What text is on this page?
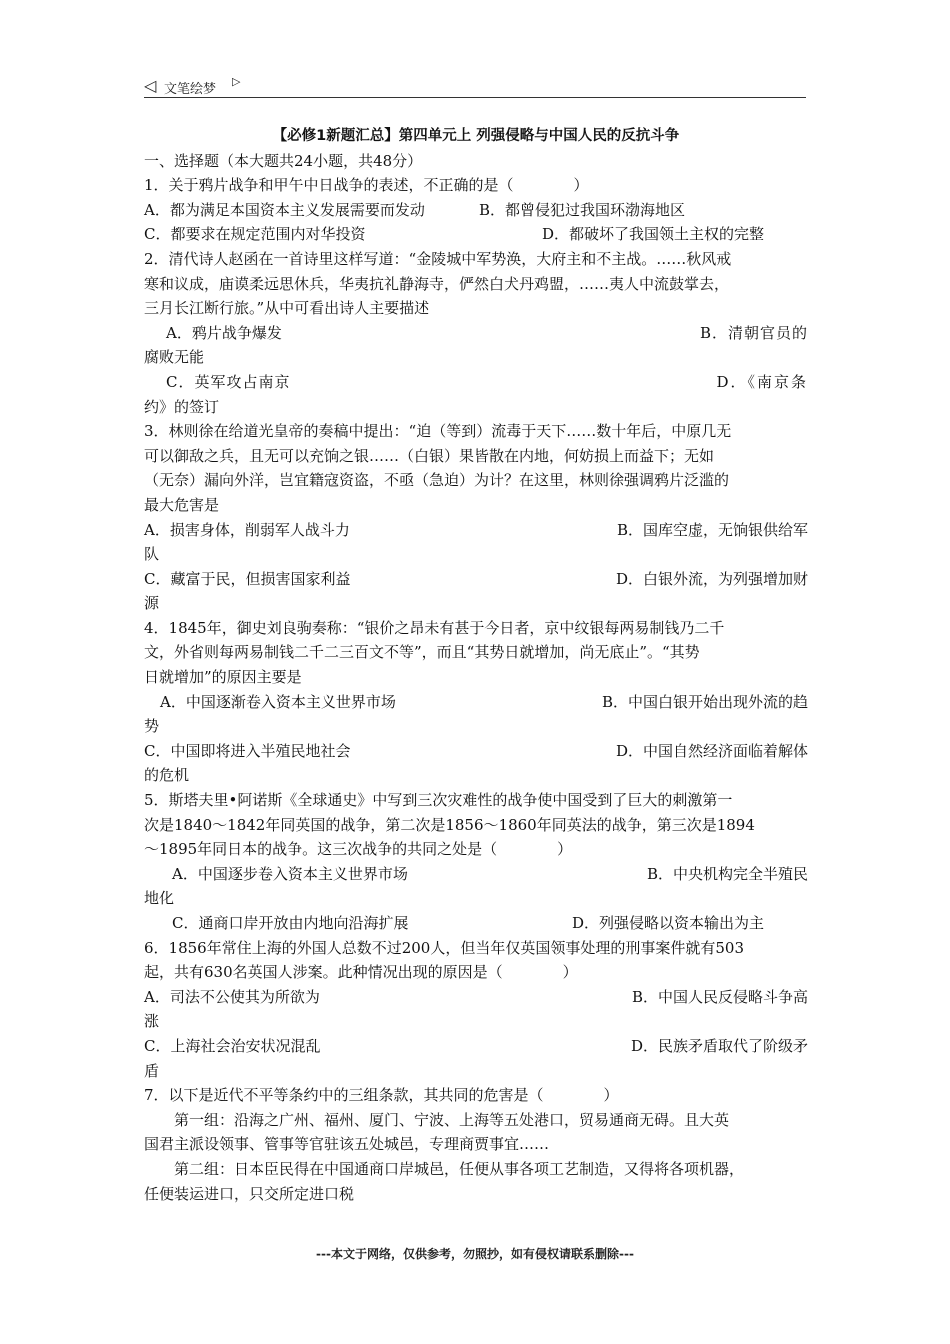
◁ 文笔绘梦
▷
【必修1新题汇总】第四单元上 列强侵略与中国人民的反抗斗争
一、选择题（本大题共24小题，共48分）
1．关于鸦片战争和甲午中日战争的表述，不正确的是（　　　　）
A．都为满足本国资本主义发展需要而发动	B．都曾侵犯过我国环渤海地区
C．都要求在规定范围内对华投资	D．都破坏了我国领土主权的完整
2．清代诗人赵函在一首诗里这样写道：“金陵城中军势涣，大府主和不主战。……秋风戒
寒和议成，庙谟柔远思休兵，华夷抗礼静海寺，俨然白犬丹鸡盟，……夷人中流鼓掌去，
三月长江断行旅。”从中可看出诗人主要描述
A．鸦片战争爆发	B．清朝官员的
腐败无能
C．英军攻占南京	D．《南京条
约》的签订
3．林则徐在给道光皇帝的奏稿中提出：“迫（等到）流毒于天下……数十年后，中原几无
可以御敌之兵，且无可以充饷之银……（白银）果皆散在内地，何妨损上而益下；无如
（无奈）漏向外洋，岂宜籍寇资盗，不亟（急迫）为计？在这里，林则徐强调鸦片泛滥的
最大危害是
A．损害身体，削弱军人战斗力	B．国库空虚，无饷银供给军
队
C．藏富于民，但损害国家利益	D．白银外流，为列强增加财
源
4．1845年，御史刘良驹奏称：“银价之昂未有甚于今日者，京中纹银每两易制钱乃二千
文，外省则每两易制钱二千二三百文不等”，而且“其势日就增加，尚无底止”。“其势
日就增加”的原因主要是
A．中国逐渐卷入资本主义世界市场	B．中国白银开始出现外流的趋
势
C．中国即将进入半殖民地社会	D．中国自然经济面临着解体
的危机
5．斯塔夫里•阿诺斯《全球通史》中写到三次灾难性的战争使中国受到了巨大的刺激第一
次是1840～1842年同英国的战争，第二次是1856～1860年同英法的战争，第三次是1894
～1895年同日本的战争。这三次战争的共同之处是（　　　　）
A．中国逐步卷入资本主义世界市场	B．中央机构完全半殖民
地化
C．通商口岸开放由内地向沿海扩展	D．列强侵略以资本输出为主
6．1856年常住上海的外国人总数不过200人，但当年仅英国领事处理的刑事案件就有503
起，共有630名英国人涉案。此种情况出现的原因是（　　　　）
A．司法不公使其为所欲为	B．中国人民反侵略斗争高
涨
C．上海社会治安状况混乱	D．民族矛盾取代了阶级矛
盾
7．以下是近代不平等条约中的三组条款，其共同的危害是（　　　　）
第一组：沿海之广州、福州、厦门、宁波、上海等五处港口，贸易通商无碍。且大英
国君主派设领事、管事等官驻该五处城邑，专理商贾事宜……
第二组：日本臣民得在中国通商口岸城邑，任便从事各项工艺制造，又得将各项机器，
任便装运进口，只交所定进口税
---本文于网络，仅供参考，勿照抄，如有侵权请联系删除---
